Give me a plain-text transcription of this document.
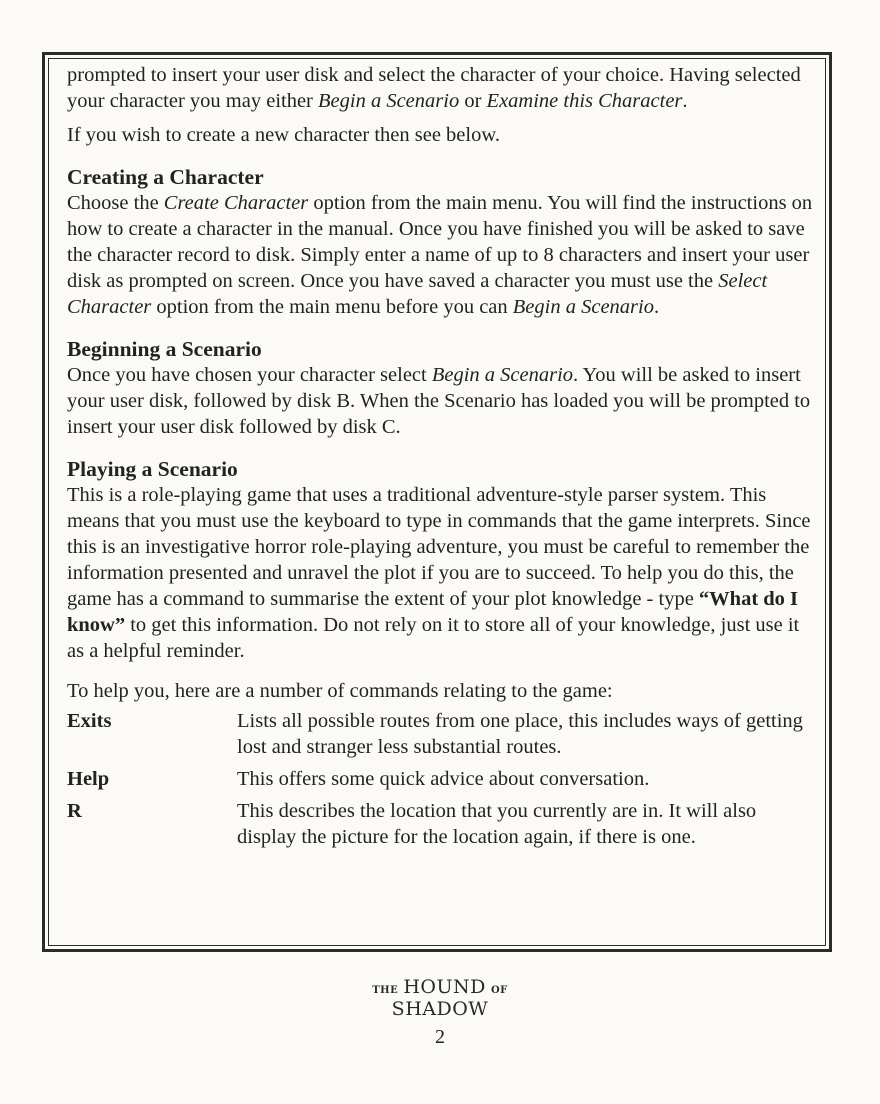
prompted to insert your user disk and select the character of your choice. Having selected your character you may either Begin a Scenario or Examine this Character.

If you wish to create a new character then see below.

Creating a Character

Choose the Create Character option from the main menu. You will find the instructions on how to create a character in the manual. Once you have finished you will be asked to save the character record to disk. Simply enter a name of up to 8 characters and insert your user disk as prompted on screen. Once you have saved a character you must use the Select Character option from the main menu before you can Begin a Scenario.

Beginning a Scenario

Once you have chosen your character select Begin a Scenario. You will be asked to insert your user disk, followed by disk B. When the Scenario has loaded you will be prompted to insert your user disk followed by disk C.

Playing a Scenario

This is a role-playing game that uses a traditional adventure-style parser system. This means that you must use the keyboard to type in commands that the game interprets. Since this is an investigative horror role-playing adventure, you must be careful to remember the information presented and unravel the plot if you are to succeed. To help you do this, the game has a command to summarise the extent of your plot knowledge - type “What do I know” to get this information. Do not rely on it to store all of your knowledge, just use it as a helpful reminder.

To help you, here are a number of commands relating to the game:

Exits	Lists all possible routes from one place, this includes ways of getting lost and stranger less substantial routes.
Help	This offers some quick advice about conversation.
R	This describes the location that you currently are in. It will also display the picture for the location again, if there is one.
THE HOUND OF
SHADOW
2
